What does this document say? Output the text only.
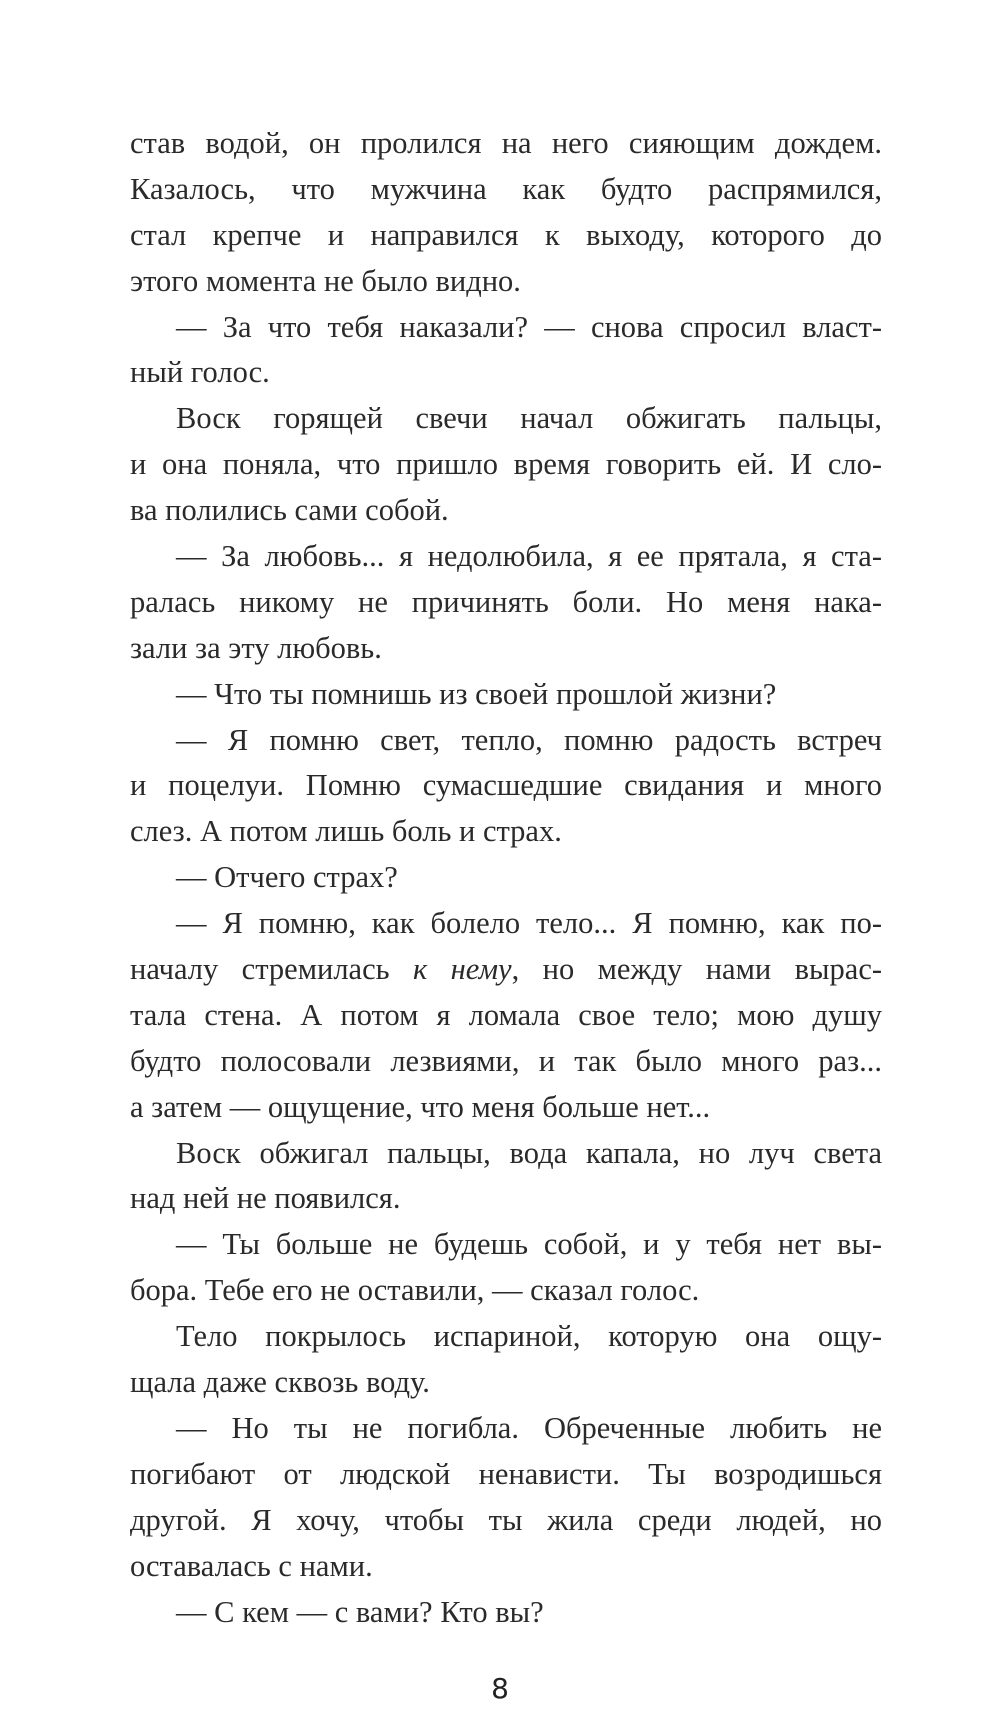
став водой, он пролился на него сияющим дождем.
Казалось, что мужчина как будто распрямился,
стал крепче и направился к выходу, которого до
этого момента не было видно.
— За что тебя наказали? — снова спросил власт-
ный голос.
Воск горящей свечи начал обжигать пальцы,
и она поняла, что пришло время говорить ей. И сло-
ва полились сами собой.
— За любовь... я недолюбила, я ее прятала, я ста-
ралась никому не причинять боли. Но меня нака-
зали за эту любовь.
— Что ты помнишь из своей прошлой жизни?
— Я помню свет, тепло, помню радость встреч
и поцелуи. Помню сумасшедшие свидания и много
слез. А потом лишь боль и страх.
— Отчего страх?
— Я помню, как болело тело... Я помню, как по-
началу стремилась к нему, но между нами вырас-
тала стена. А потом я ломала свое тело; мою душу
будто полосовали лезвиями, и так было много раз...
а затем — ощущение, что меня больше нет...
Воск обжигал пальцы, вода капала, но луч света
над ней не появился.
— Ты больше не будешь собой, и у тебя нет вы-
бора. Тебе его не оставили, — сказал голос.
Тело покрылось испариной, которую она ощу-
щала даже сквозь воду.
— Но ты не погибла. Обреченные любить не
погибают от людской ненависти. Ты возродишься
другой. Я хочу, чтобы ты жила среди людей, но
оставалась с нами.
— С кем — с вами? Кто вы?
8
